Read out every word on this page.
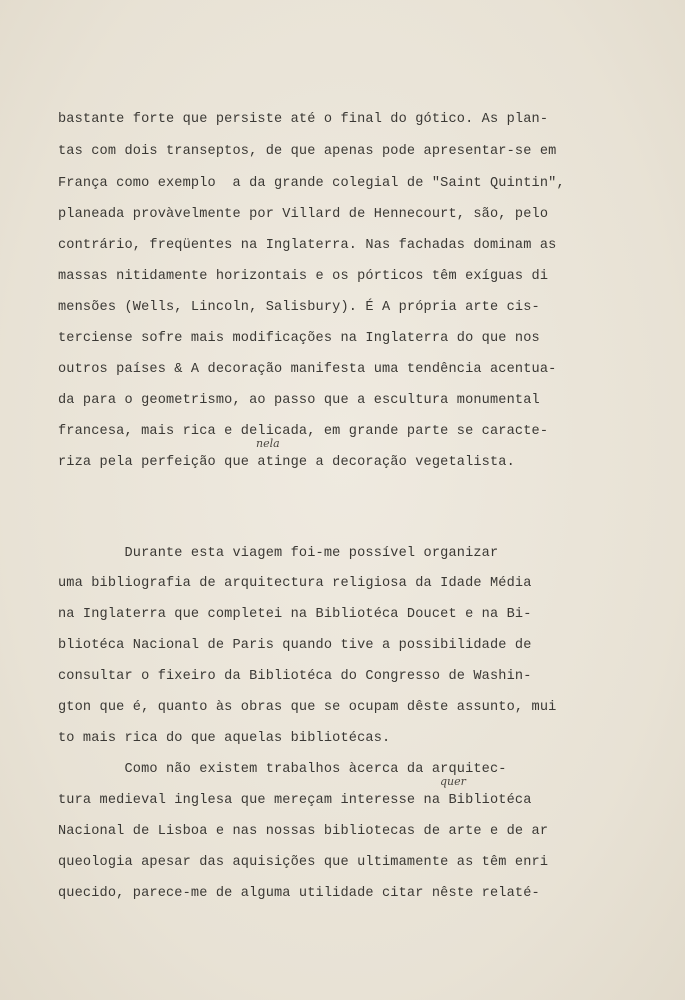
bastante forte que persiste até o final do gótico. As plan-
tas com dois transeptos, de que apenas pode apresentar-se em
França como exemplo  a da grande colegial de "Saint Quintin",
planeada provàvelmente por Villard de Hennecourt, são, pelo
contrário, freqüentes na Inglaterra. Nas fachadas dominam as
massas nitidamente horizontais e os pórticos têm exíguas di
mensões (Wells, Lincoln, Salisbury). É A própria arte cis-
terciense sofre mais modificações na Inglaterra do que nos
outros países & A decoração manifesta uma tendência acentua-
da para o geometrismo, ao passo que a escultura monumental
francesa, mais rica e delicada, em grande parte se caracte-
riza pela perfeição que atinge a decoração vegetalista.
nela
Durante esta viagem foi-me possível organizar
uma bibliografia de arquitectura religiosa da Idade Média
na Inglaterra que completei na Bibliotéca Doucet e na Bi-
bliotéca Nacional de Paris quando tive a possibilidade de
consultar o fixeiro da Bibliotéca do Congresso de Washin-
gton que é, quanto às obras que se ocupam dêste assunto, mui
to mais rica do que aquelas bibliotécas.
Como não existem trabalhos àcerca da arquitec-
tura medieval inglesa que mereçam interesse na Bibliotéca
Nacional de Lisboa e nas nossas bibliotecas de arte e de ar
queologia apesar das aquisições que ultimamente as têm enri
quecido, parece-me de alguma utilidade citar nêste relaté-
quer
